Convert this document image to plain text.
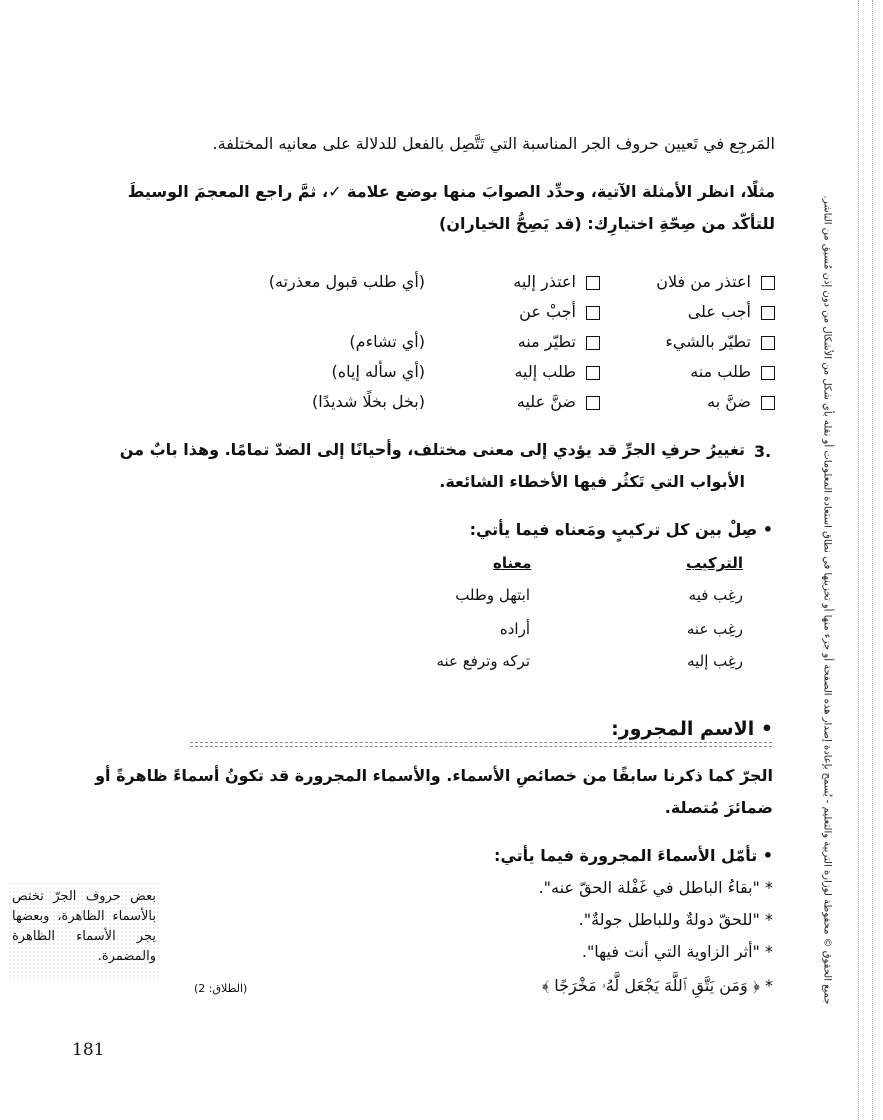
المَرجِع في تَعيين حروف الجر المناسبة التي تَتَّصِل بالفعل للدلالة على معانيه المختلفة.
مثلًا، انظر الأمثلة الآتية، وحدِّد الصوابَ منها بوضع علامة ✓، ثمَّ راجع المعجمَ الوسيطَ
للتأكّد من صِحّةِ اختيارِك: (قد يَصِحُّ الخياران)
اعتذر من فلان
اعتذر إليه
(أي طلب قبول معذرته)
أجب على
أجبْ عن
تطيّر بالشيء
تطيّر منه
(أي تشاءم)
طلب منه
طلب إليه
(أي سأله إياه)
ضنَّ به
ضنَّ عليه
(بخل بخلًا شديدًا)
3.
تغييرُ حرفِ الجرِّ قد يؤدي إلى معنى مختلف، وأحيانًا إلى الضدّ تمامًا. وهذا بابٌ من
الأبواب التي تَكثُر فيها الأخطاء الشائعة.
• صِلْ بين كل تركيبٍ ومَعناه فيما يأتي:
التركيب
معناه
رغِب فيه
ابتهل وطلب
رغِب عنه
أراده
رغِب إليه
تركه وترفع عنه
• الاسم المجرور:
الجرّ كما ذكرنا سابقًا من خصائصِ الأسماء. والأسماء المجرورة قد تكونُ أسماءً ظاهرةً أو
ضمائرَ مُتصلة.
• تأمّل الأسماءَ المجرورة فيما يأتي:
* "بقاءُ الباطل في غَفْلة الحقّ عنه".
* "للحقّ دولةٌ وللباطل جولةٌ".
* "أثر الزاوية التي أنت فيها".
* ﴿ وَمَن يَتَّقِ ٱللَّهَ يَجْعَل لَّهُۥ مَخْرَجًا ﴾
(الطلاق: 2)
بعض حروف الجرّ تختص بالأسماء الظاهرة، وبعضها يجر الأسماء الظاهرة والمضمرة.	جميع الحقوق © محفوظة لوزارة التربية والتعليم - يُسمح بإعادة إصدار هذه الصفحة أو جزء منها أو تخزينها في نطاق استعادة المعلومات أو نقله بأي شكل من الأشكال من دون إذن مُسبق من الناشر.
181
